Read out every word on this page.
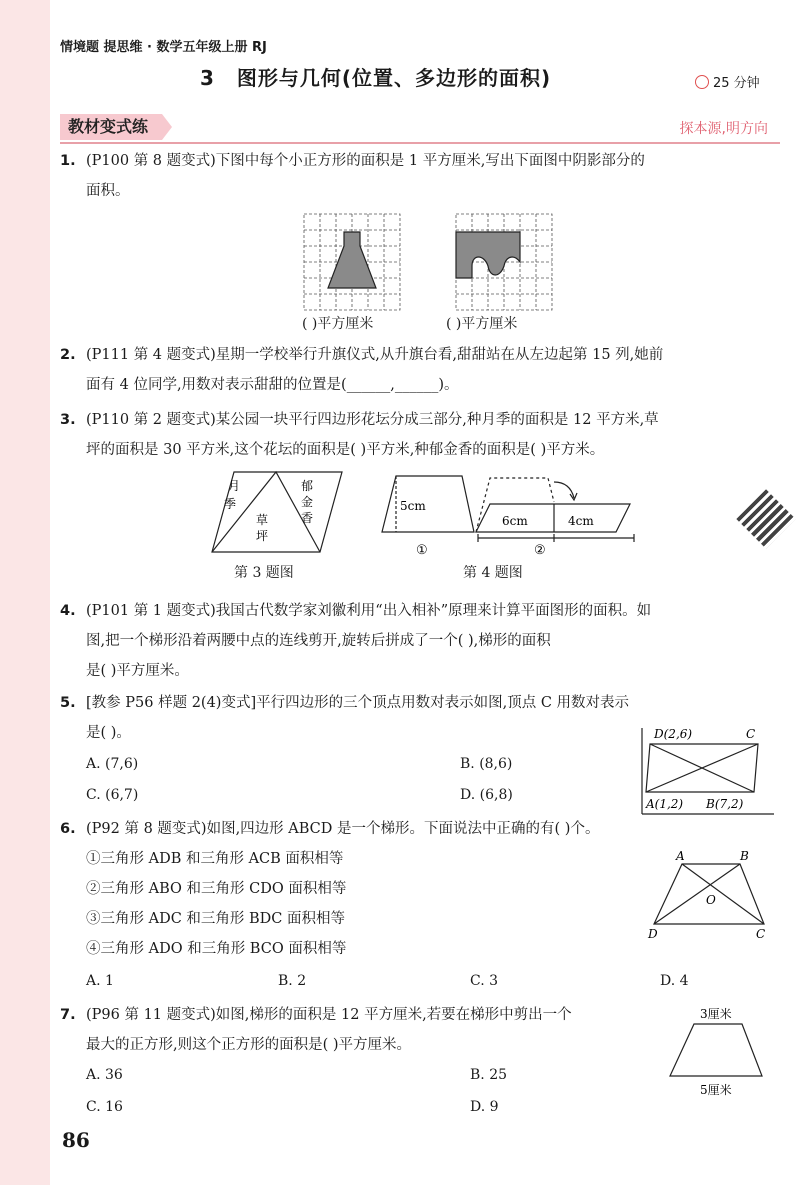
情境题 提思维 · 数学五年级上册 RJ
3 图形与几何(位置、多边形的面积)	25 分钟
教材变式练	探本源,明方向
1. (P100 第 8 题变式)下图中每个小正方形的面积是 1 平方厘米,写出下面图中阴影部分的
面积。
( )平方厘米	( )平方厘米
2. (P111 第 4 题变式)星期一学校举行升旗仪式,从升旗台看,甜甜站在从左边起第 15 列,她前
面有 4 位同学,用数对表示甜甜的位置是(______,______)。
3. (P110 第 2 题变式)某公园一块平行四边形花坛分成三部分,种月季的面积是 12 平方米,草
坪的面积是 30 平方米,这个花坛的面积是( )平方米,种郁金香的面积是( )平方米。
月
季
郁
金
香
草
坪
第 3 题图
5cm
6cm	4cm
①	②
第 4 题图
4. (P101 第 1 题变式)我国古代数学家刘徽利用“出入相补”原理来计算平面图形的面积。如
图,把一个梯形沿着两腰中点的连线剪开,旋转后拼成了一个( ),梯形的面积
是( )平方厘米。
5. [教参 P56 样题 2(4)变式]平行四边形的三个顶点用数对表示如图,顶点 C 用数对表示
是( )。
A. (7,6)	B. (8,6)
C. (6,7)	D. (6,8)
D(2,6)	C
A(1,2) B(7,2)
6. (P92 第 8 题变式)如图,四边形 ABCD 是一个梯形。下面说法中正确的有( )个。
①三角形 ADB 和三角形 ACB 面积相等
②三角形 ABO 和三角形 CDO 面积相等
③三角形 ADC 和三角形 BDC 面积相等
④三角形 ADO 和三角形 BCO 面积相等
A. 1	B. 2	C. 3	D. 4
A	B
C
D
O
7. (P96 第 11 题变式)如图,梯形的面积是 12 平方厘米,若要在梯形中剪出一个
最大的正方形,则这个正方形的面积是( )平方厘米。
A. 36	B. 25
C. 16	D. 9
3厘米
5厘米
86
